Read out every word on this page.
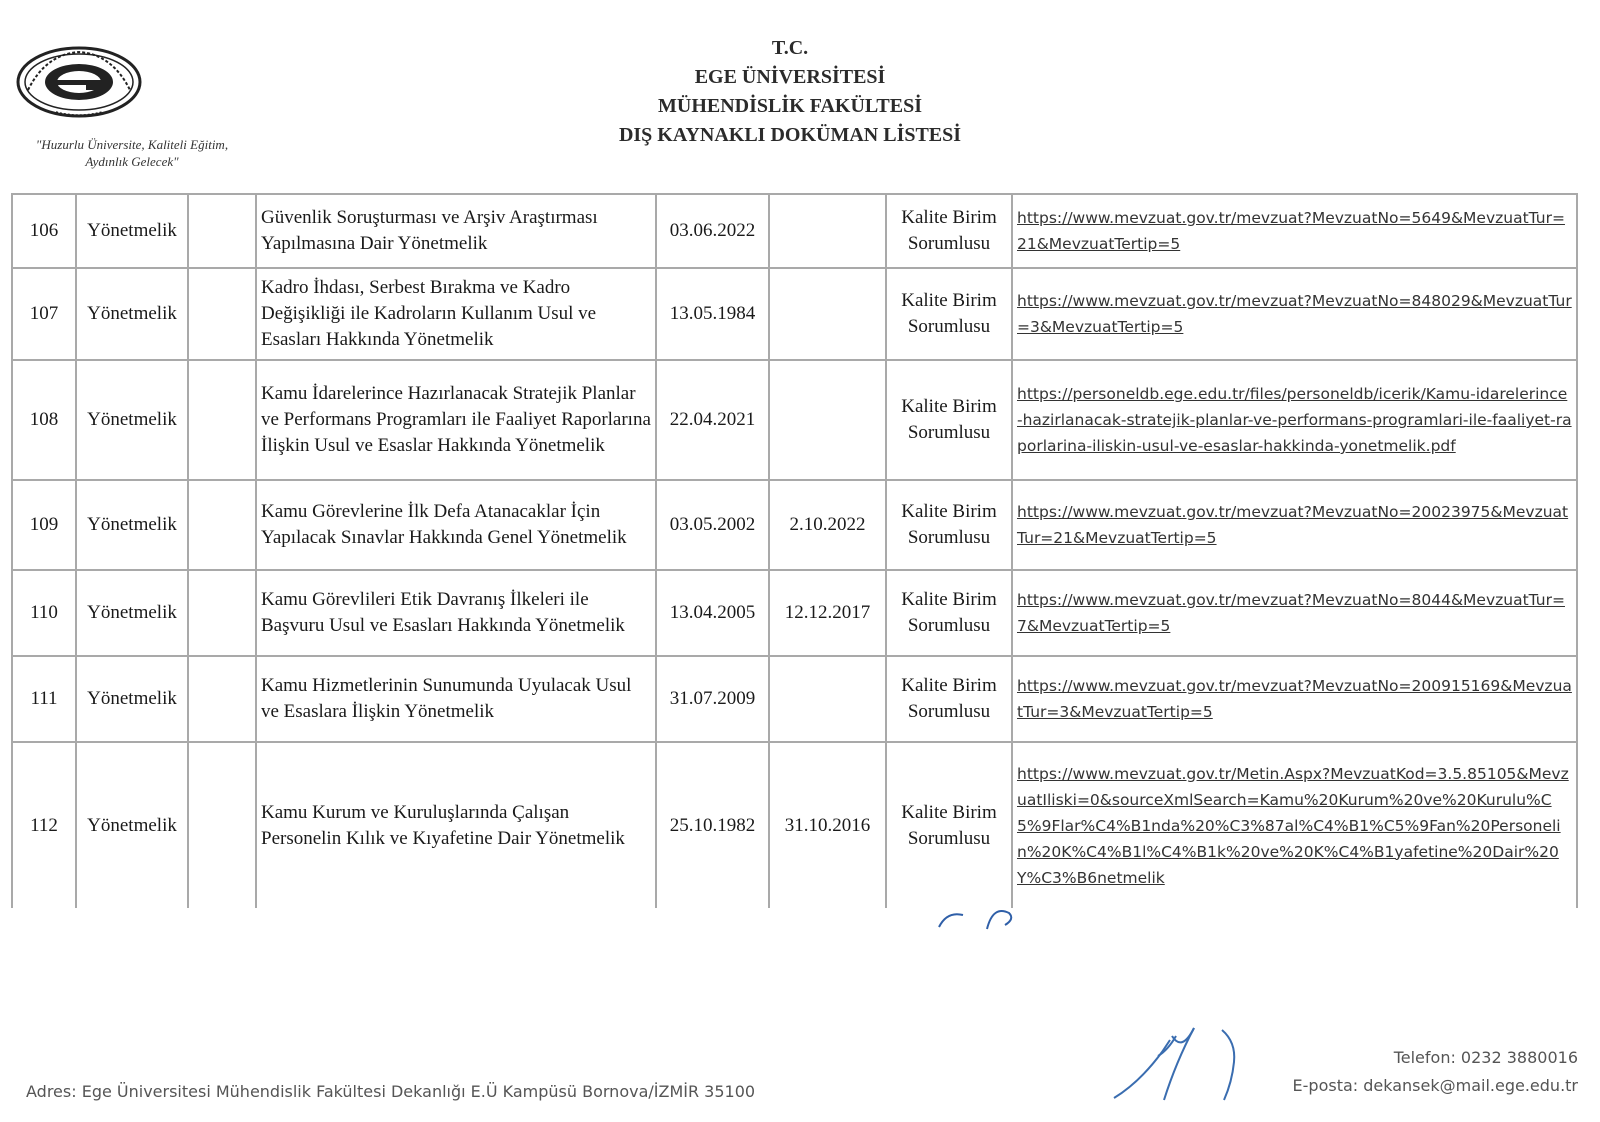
"Huzurlu Üniversite, Kaliteli Eğitim,
Aydınlık Gelecek"
T.C.
EGE ÜNİVERSİTESİ
MÜHENDİSLİK FAKÜLTESİ
DIŞ KAYNAKLI DOKÜMAN LİSTESİ
106	Yönetmelik		Güvenlik Soruşturması ve Arşiv Araştırması Yapılmasına Dair Yönetmelik	03.06.2022		Kalite Birim Sorumlusu	https://www.mevzuat.gov.tr/mevzuat?MevzuatNo=5649&MevzuatTur=21&MevzuatTertip=5
107	Yönetmelik		Kadro İhdası, Serbest Bırakma ve Kadro Değişikliği ile Kadroların Kullanım Usul ve Esasları Hakkında Yönetmelik	13.05.1984		Kalite Birim Sorumlusu	https://www.mevzuat.gov.tr/mevzuat?MevzuatNo=848029&MevzuatTur=3&MevzuatTertip=5
108	Yönetmelik		Kamu İdarelerince Hazırlanacak Stratejik Planlar ve Performans Programları ile Faaliyet Raporlarına İlişkin Usul ve Esaslar Hakkında Yönetmelik	22.04.2021		Kalite Birim Sorumlusu	https://personeldb.ege.edu.tr/files/personeldb/icerik/Kamu-idarelerince-hazirlanacak-stratejik-planlar-ve-performans-programlari-ile-faaliyet-raporlarina-iliskin-usul-ve-esaslar-hakkinda-yonetmelik.pdf
109	Yönetmelik		Kamu Görevlerine İlk Defa Atanacaklar İçin Yapılacak Sınavlar Hakkında Genel Yönetmelik	03.05.2002	2.10.2022	Kalite Birim Sorumlusu	https://www.mevzuat.gov.tr/mevzuat?MevzuatNo=20023975&MevzuatTur=21&MevzuatTertip=5
110	Yönetmelik		Kamu Görevlileri Etik Davranış İlkeleri ile Başvuru Usul ve Esasları Hakkında Yönetmelik	13.04.2005	12.12.2017	Kalite Birim Sorumlusu	https://www.mevzuat.gov.tr/mevzuat?MevzuatNo=8044&MevzuatTur=7&MevzuatTertip=5
111	Yönetmelik		Kamu Hizmetlerinin Sunumunda Uyulacak Usul ve Esaslara İlişkin Yönetmelik	31.07.2009		Kalite Birim Sorumlusu	https://www.mevzuat.gov.tr/mevzuat?MevzuatNo=200915169&MevzuatTur=3&MevzuatTertip=5
112	Yönetmelik		Kamu Kurum ve Kuruluşlarında Çalışan Personelin Kılık ve Kıyafetine Dair Yönetmelik	25.10.1982	31.10.2016	Kalite Birim Sorumlusu	https://www.mevzuat.gov.tr/Metin.Aspx?MevzuatKod=3.5.85105&MevzuatIliski=0&sourceXmlSearch=Kamu%20Kurum%20ve%20Kurulu%C5%9Flar%C4%B1nda%20%C3%87al%C4%B1%C5%9Fan%20Personelin%20K%C4%B1l%C4%B1k%20ve%20K%C4%B1yafetine%20Dair%20Y%C3%B6netmelik
Adres: Ege Üniversitesi Mühendislik Fakültesi Dekanlığı E.Ü Kampüsü Bornova/İZMİR 35100
Telefon: 0232 3880016
E-posta: dekansek@mail.ege.edu.tr
